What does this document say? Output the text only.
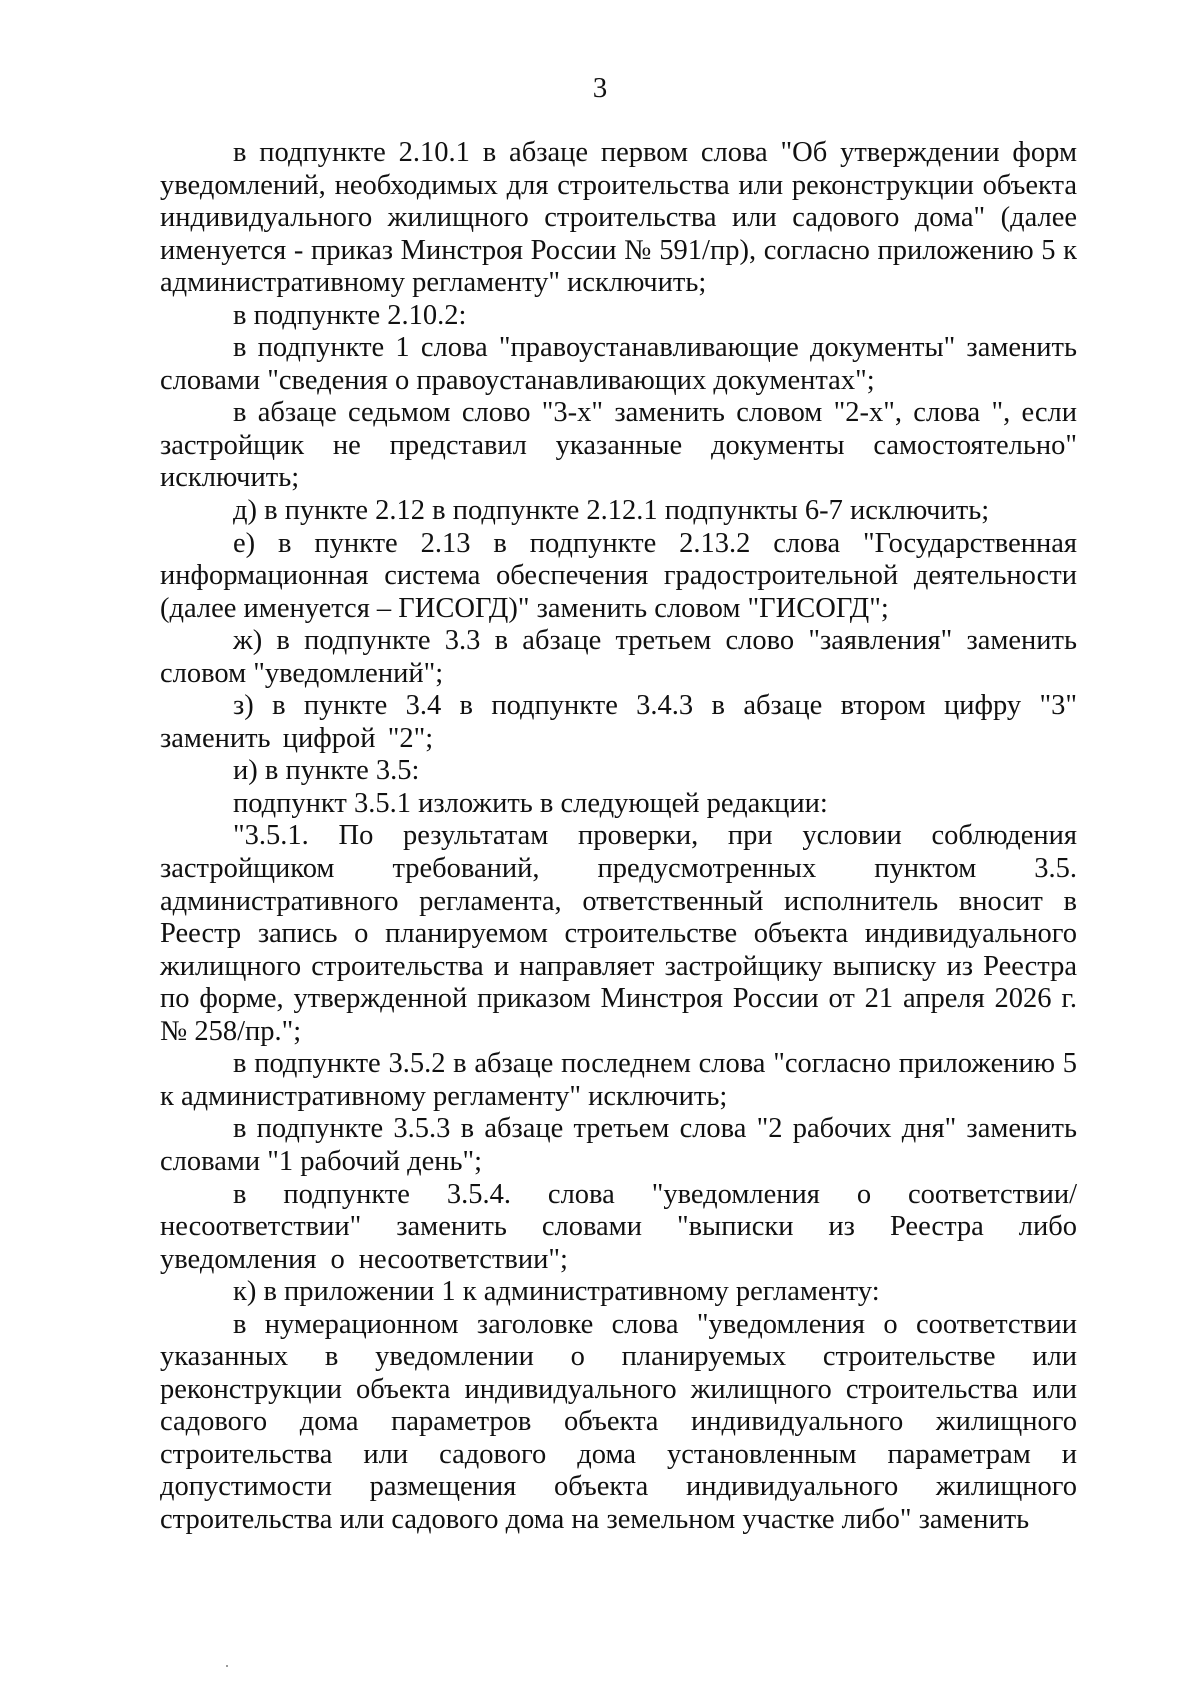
3

в подпункте 2.10.1 в абзаце первом слова "Об утверждении форм уведомлений, необходимых для строительства или реконструкции объекта индивидуального жилищного строительства или садового дома" (далее именуется - приказ Минстроя России № 591/пр), согласно приложению 5 к административному регламенту" исключить;

в подпункте 2.10.2:

в подпункте 1 слова "правоустанавливающие документы" заменить словами "сведения о правоустанавливающих документах";

в абзаце седьмом слово "3-х" заменить словом "2-х", слова ", если застройщик не представил указанные документы самостоятельно" исключить;

д) в пункте 2.12 в подпункте 2.12.1 подпункты 6-7 исключить;

е) в пункте 2.13 в подпункте 2.13.2 слова "Государственная информационная система обеспечения градостроительной деятельности (далее именуется – ГИСОГД)" заменить словом "ГИСОГД";

ж) в подпункте 3.3 в абзаце третьем слово "заявления" заменить словом "уведомлений";

з) в пункте 3.4 в подпункте 3.4.3 в абзаце втором цифру "3" заменить цифрой "2";

и) в пункте 3.5:

подпункт 3.5.1 изложить в следующей редакции:

"3.5.1. По результатам проверки, при условии соблюдения застройщиком требований, предусмотренных пунктом 3.5. административного регламента, ответственный исполнитель вносит в Реестр запись о планируемом строительстве объекта индивидуального жилищного строительства и направляет застройщику выписку из Реестра по форме, утвержденной приказом Минстроя России от 21 апреля 2026 г. № 258/пр.";

в подпункте 3.5.2 в абзаце последнем слова "согласно приложению 5 к административному регламенту" исключить;

в подпункте 3.5.3 в абзаце третьем слова "2 рабочих дня" заменить словами "1 рабочий день";

в подпункте 3.5.4. слова "уведомления о соответствии/несоответствии" заменить словами "выписки из Реестра либо уведомления о несоответствии";

к) в приложении 1 к административному регламенту:

в нумерационном заголовке слова "уведомления о соответствии указанных в уведомлении о планируемых строительстве или реконструкции объекта индивидуального жилищного строительства или садового дома параметров объекта индивидуального жилищного строительства или садового дома установленным параметрам и допустимости размещения объекта индивидуального жилищного строительства или садового дома на земельном участке либо" заменить
